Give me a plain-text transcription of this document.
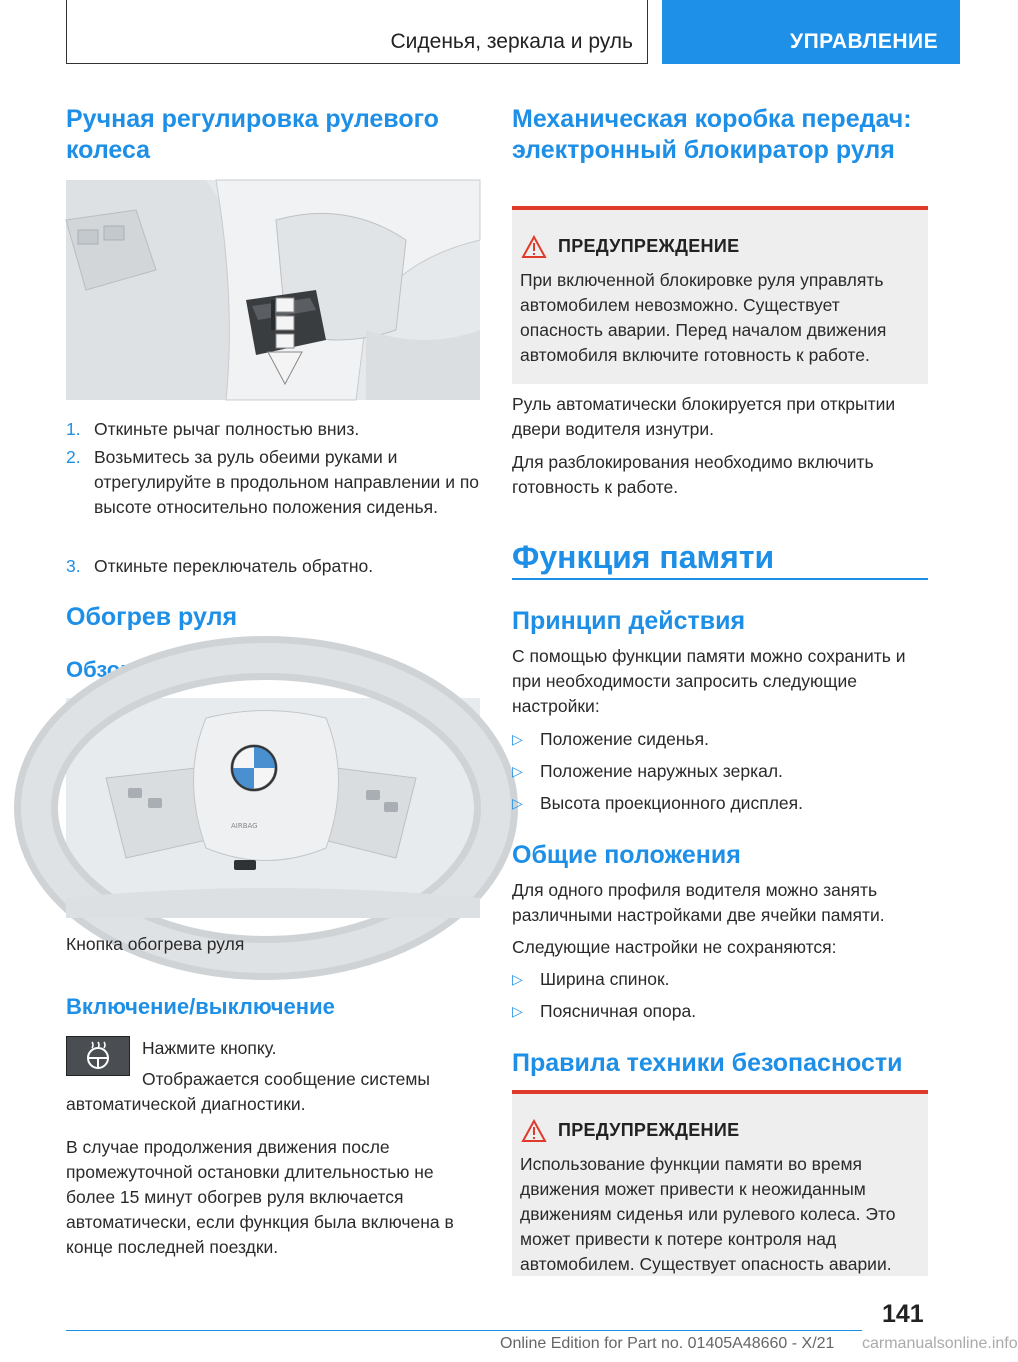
Сиденья, зеркала и руль	УПРАВЛЕНИЕ
Ручная регулировка рулевого колеса
1. Откиньте рычаг полностью вниз.
2. Возьмитесь за руль обеими руками и отрегулируйте в продольном направлении и по высоте относительно положения сиденья.
3. Откиньте переключатель обратно.
Обогрев руля
Обзор
AIRBAG

Кнопка обогрева руля

Включение/выключение

Нажмите кнопку.

Отображается сообщение системы автоматической диагностики.

В случае продолжения движения после промежуточной остановки длительностью не более 15 минут обогрев руля включается автоматически, если функция была включена в конце последней поездки.

Механическая коробка передач: электронный блокиратор руля
ПРЕДУПРЕЖДЕНИЕ
При включенной блокировке руля управлять автомобилем невозможно. Существует опасность аварии. Перед началом движения автомобиля включите готовность к работе.

Руль автоматически блокируется при открытии двери водителя изнутри.

Для разблокирования необходимо включить готовность к работе.

Функция памяти
Принцип действия

С помощью функции памяти можно сохранить и при необходимости запросить следующие настройки:

▷ Положение сиденья.
▷ Положение наружных зеркал.
▷ Высота проекционного дисплея.
Общие положения

Для одного профиля водителя можно занять различными настройками две ячейки памяти.

Следующие настройки не сохраняются:

▷ Ширина спинок.
▷ Поясничная опора.
Правила техники безопасности
ПРЕДУПРЕЖДЕНИЕ
Использование функции памяти во время движения может привести к неожиданным движениям сиденья или рулевого колеса. Это может привести к потере контроля над автомобилем. Существует опасность аварии.
141
Online Edition for Part no. 01405A48660 - X/21 carmanualsonline.info
